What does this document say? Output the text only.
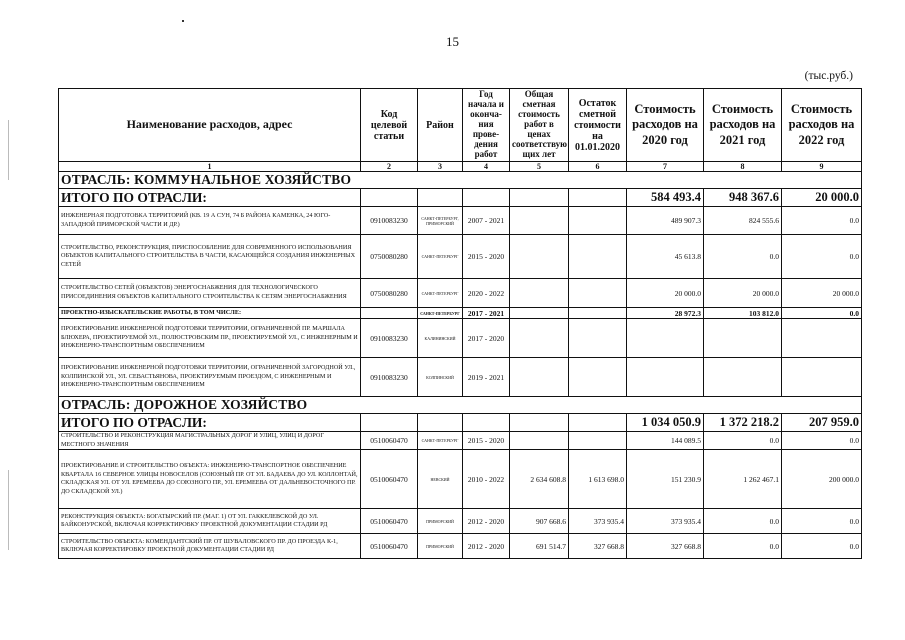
15
(тыс.руб.)
Наименование расходов, адрес	Код целевой статьи	Район	Год начала и оконча-ния прове-дения работ	Общая сметная стоимость работ в ценах соответствую щих лет	Остаток сметной стоимости на 01.01.2020	Стоимость расходов на 2020 год	Стоимость расходов на 2021 год	Стоимость расходов на 2022 год
1	2	3	4	5	6	7	8	9
ОТРАСЛЬ: КОММУНАЛЬНОЕ ХОЗЯЙСТВО								
ИТОГО ПО ОТРАСЛИ:						584 493.4	948 367.6	20 000.0
ИНЖЕНЕРНАЯ ПОДГОТОВКА ТЕРРИТОРИЙ (КВ. 19 А СУН, 74 Б РАЙОНА КАМЕНКА, 24 ЮГО-ЗАПАДНОЙ ПРИМОРСКОЙ ЧАСТИ И ДР.)	0910083230	САНКТ-ПЕТЕРБУРГ, ПРИМОРСКИЙ	2007 - 2021			489 907.3	824 555.6	0.0
СТРОИТЕЛЬСТВО, РЕКОНСТРУКЦИЯ, ПРИСПОСОБЛЕНИЕ ДЛЯ СОВРЕМЕННОГО ИСПОЛЬЗОВАНИЯ ОБЪЕКТОВ КАПИТАЛЬНОГО СТРОИТЕЛЬСТВА В ЧАСТИ, КАСАЮЩЕЙСЯ СОЗДАНИЯ ИНЖЕНЕРНЫХ СЕТЕЙ	0750080280	САНКТ-ПЕТЕРБУРГ	2015 - 2020			45 613.8	0.0	0.0
СТРОИТЕЛЬСТВО СЕТЕЙ (ОБЪЕКТОВ) ЭНЕРГОСНАБЖЕНИЯ ДЛЯ ТЕХНОЛОГИЧЕСКОГО ПРИСОЕДИНЕНИЯ ОБЪЕКТОВ КАПИТАЛЬНОГО СТРОИТЕЛЬСТВА К СЕТЯМ ЭНЕРГОСНАБЖЕНИЯ	0750080280	САНКТ-ПЕТЕРБУРГ	2020 - 2022			20 000.0	20 000.0	20 000.0
ПРОЕКТНО-ИЗЫСКАТЕЛЬСКИЕ РАБОТЫ, В ТОМ ЧИСЛЕ:		САНКТ-ПЕТЕРБУРГ	2017 - 2021			28 972.3	103 812.0	0.0
ПРОЕКТИРОВАНИЕ ИНЖЕНЕРНОЙ ПОДГОТОВКИ ТЕРРИТОРИИ, ОГРАНИЧЕННОЙ ПР. МАРШАЛА БЛЮХЕРА, ПРОЕКТИРУЕМОЙ УЛ., ПОЛЮСТРОВСКИМ ПР., ПРОЕКТИРУЕМОЙ УЛ., С ИНЖЕНЕРНЫМ И ИНЖЕНЕРНО-ТРАНСПОРТНЫМ ОБЕСПЕЧЕНИЕМ	0910083230	КАЛИНИНСКИЙ	2017 - 2020					
ПРОЕКТИРОВАНИЕ ИНЖЕНЕРНОЙ ПОДГОТОВКИ ТЕРРИТОРИИ, ОГРАНИЧЕННОЙ ЗАГОРОДНОЙ УЛ., КОЛПИНСКОЙ УЛ., УЛ. СЕВАСТЬЯНОВА, ПРОЕКТИРУЕМЫМ ПРОЕЗДОМ, С ИНЖЕНЕРНЫМ И ИНЖЕНЕРНО-ТРАНСПОРТНЫМ ОБЕСПЕЧЕНИЕМ	0910083230	КОЛПИНСКИЙ	2019 - 2021					
ОТРАСЛЬ: ДОРОЖНОЕ ХОЗЯЙСТВО								
ИТОГО ПО ОТРАСЛИ:						1 034 050.9	1 372 218.2	207 959.0
СТРОИТЕЛЬСТВО И РЕКОНСТРУКЦИЯ МАГИСТРАЛЬНЫХ ДОРОГ И УЛИЦ, УЛИЦ И ДОРОГ МЕСТНОГО ЗНАЧЕНИЯ	0510060470	САНКТ-ПЕТЕРБУРГ	2015 - 2020			144 089.5	0.0	0.0
ПРОЕКТИРОВАНИЕ И СТРОИТЕЛЬСТВО ОБЪЕКТА: ИНЖЕНЕРНО-ТРАНСПОРТНОЕ ОБЕСПЕЧЕНИЕ КВАРТАЛА 16 СЕВЕРНОЕ УЛИЦЫ НОВОСЕЛОВ (СОЮЗНЫЙ ПР. ОТ УЛ. БАДАЕВА ДО УЛ. КОЛЛОНТАЙ, СКЛАДСКАЯ УЛ. ОТ УЛ. ЕРЕМЕЕВА ДО СОЮЗНОГО ПР., УЛ. ЕРЕМЕЕВА ОТ ДАЛЬНЕВОСТОЧНОГО ПР. ДО СКЛАДСКОЙ УЛ.)	0510060470	НЕВСКИЙ	2010 - 2022	2 634 608.8	1 613 698.0	151 230.9	1 262 467.1	200 000.0
РЕКОНСТРУКЦИЯ ОБЪЕКТА: БОГАТЫРСКИЙ ПР. (МАГ. 1) ОТ УЛ. ГАККЕЛЕВСКОЙ ДО УЛ. БАЙКОНУРСКОЙ, ВКЛЮЧАЯ КОРРЕКТИРОВКУ ПРОЕКТНОЙ ДОКУМЕНТАЦИИ СТАДИИ РД	0510060470	ПРИМОРСКИЙ	2012 - 2020	907 668.6	373 935.4	373 935.4	0.0	0.0
СТРОИТЕЛЬСТВО ОБЪЕКТА: КОМЕНДАНТСКИЙ ПР. ОТ ШУВАЛОВСКОГО ПР. ДО ПРОЕЗДА К-1, ВКЛЮЧАЯ КОРРЕКТИРОВКУ ПРОЕКТНОЙ ДОКУМЕНТАЦИИ СТАДИИ РД	0510060470	ПРИМОРСКИЙ	2012 - 2020	691 514.7	327 668.8	327 668.8	0.0	0.0
